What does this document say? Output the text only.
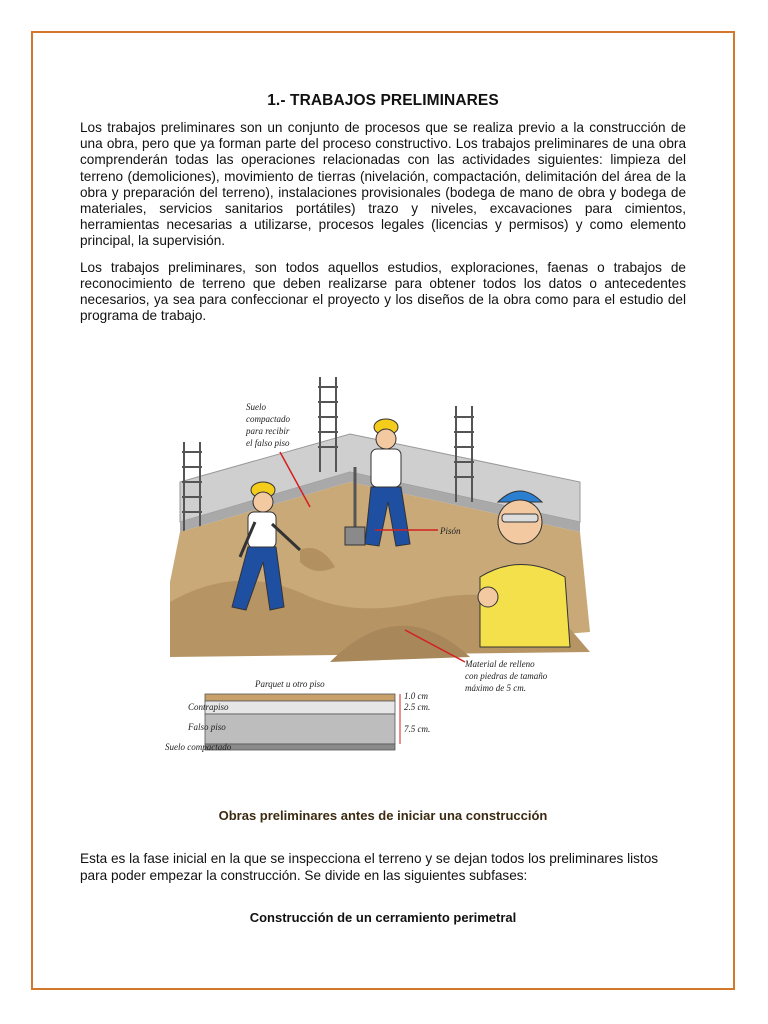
1.- TRABAJOS PRELIMINARES

Los trabajos preliminares son un conjunto de procesos que se realiza previo a la construcción de una obra, pero que ya forman parte del proceso constructivo. Los trabajos preliminares de una obra comprenderán todas las operaciones relacionadas con las actividades siguientes: limpieza del terreno (demoliciones), movimiento de tierras (nivelación, compactación, delimitación del área de la obra y preparación del terreno), instalaciones provisionales (bodega de mano de obra y bodega de materiales, servicios sanitarios portátiles) trazo y niveles, excavaciones para cimientos, herramientas necesarias a utilizarse, procesos legales (licencias y permisos) y como elemento principal, la supervisión.

Los trabajos preliminares, son todos aquellos estudios, exploraciones, faenas o trabajos de reconocimiento de terreno que deben realizarse para obtener todos los datos o antecedentes necesarios, ya sea para confeccionar el proyecto y los diseños de la obra como para el estudio del programa de trabajo.

Suelo
compactado
para recibir
el falso piso
Pisón
Material de relleno
con piedras de tamaño
máximo de 5 cm.
Parquet u otro piso
Contrapiso
Falso piso
Suelo compactado
1.0 cm
2.5 cm.
7.5 cm.
Obras preliminares antes de iniciar una construcción
Esta es la fase inicial en la que se inspecciona el terreno y se dejan todos los preliminares listos para poder empezar la construcción. Se divide en las siguientes subfases:
Construcción de un cerramiento perimetral
